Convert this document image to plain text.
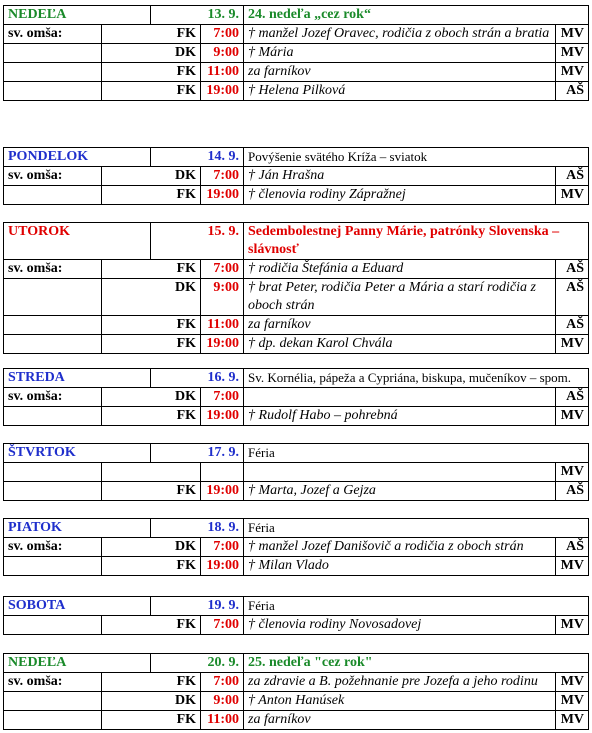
NEDEĽA		13. 9.		24. nedeľa „cez rok“	
sv. omša:	FK		7:00	† manžel Jozef Oravec, rodičia z oboch strán a bratia	MV
	DK		9:00	† Mária	MV
	FK		11:00	za farníkov	MV
	FK		19:00	† Helena Pilková	AŠ
PONDELOK		14. 9.		Povýšenie svätého Kríža – sviatok	
sv. omša:	DK		7:00	† Ján Hrašna	AŠ
	FK		19:00	† členovia rodiny Zápražnej	MV
UTOROK		15. 9.		Sedembolestnej Panny Márie, patrónky Slovenska – slávnosť	
sv. omša:	FK		7:00	† rodičia Štefánia a Eduard	AŠ
	DK		9:00	† brat Peter, rodičia Peter a Mária a starí rodičia z oboch strán	AŠ
	FK		11:00	za farníkov	AŠ
	FK		19:00	† dp. dekan Karol Chvála	MV
STREDA		16. 9.		Sv. Kornélia, pápeža a Cypriána, biskupa, mučeníkov – spom.	
sv. omša:	DK		7:00		AŠ
	FK		19:00	† Rudolf Habo – pohrebná	MV
ŠTVRTOK		17. 9.		Féria	
					MV
	FK		19:00	† Marta, Jozef a Gejza	AŠ
PIATOK		18. 9.		Féria	
sv. omša:	DK		7:00	† manžel Jozef Danišovič a rodičia z oboch strán	AŠ
	FK		19:00	† Milan Vlado	MV
SOBOTA		19. 9.		Féria	
	FK		7:00	† členovia rodiny Novosadovej	MV
NEDEĽA		20. 9.		25. nedeľa "cez rok"	
sv. omša:	FK		7:00	za zdravie a B. požehnanie pre Jozefa a jeho rodinu	MV
	DK		9:00	† Anton Hanúsek	MV
	FK		11:00	za farníkov	MV
